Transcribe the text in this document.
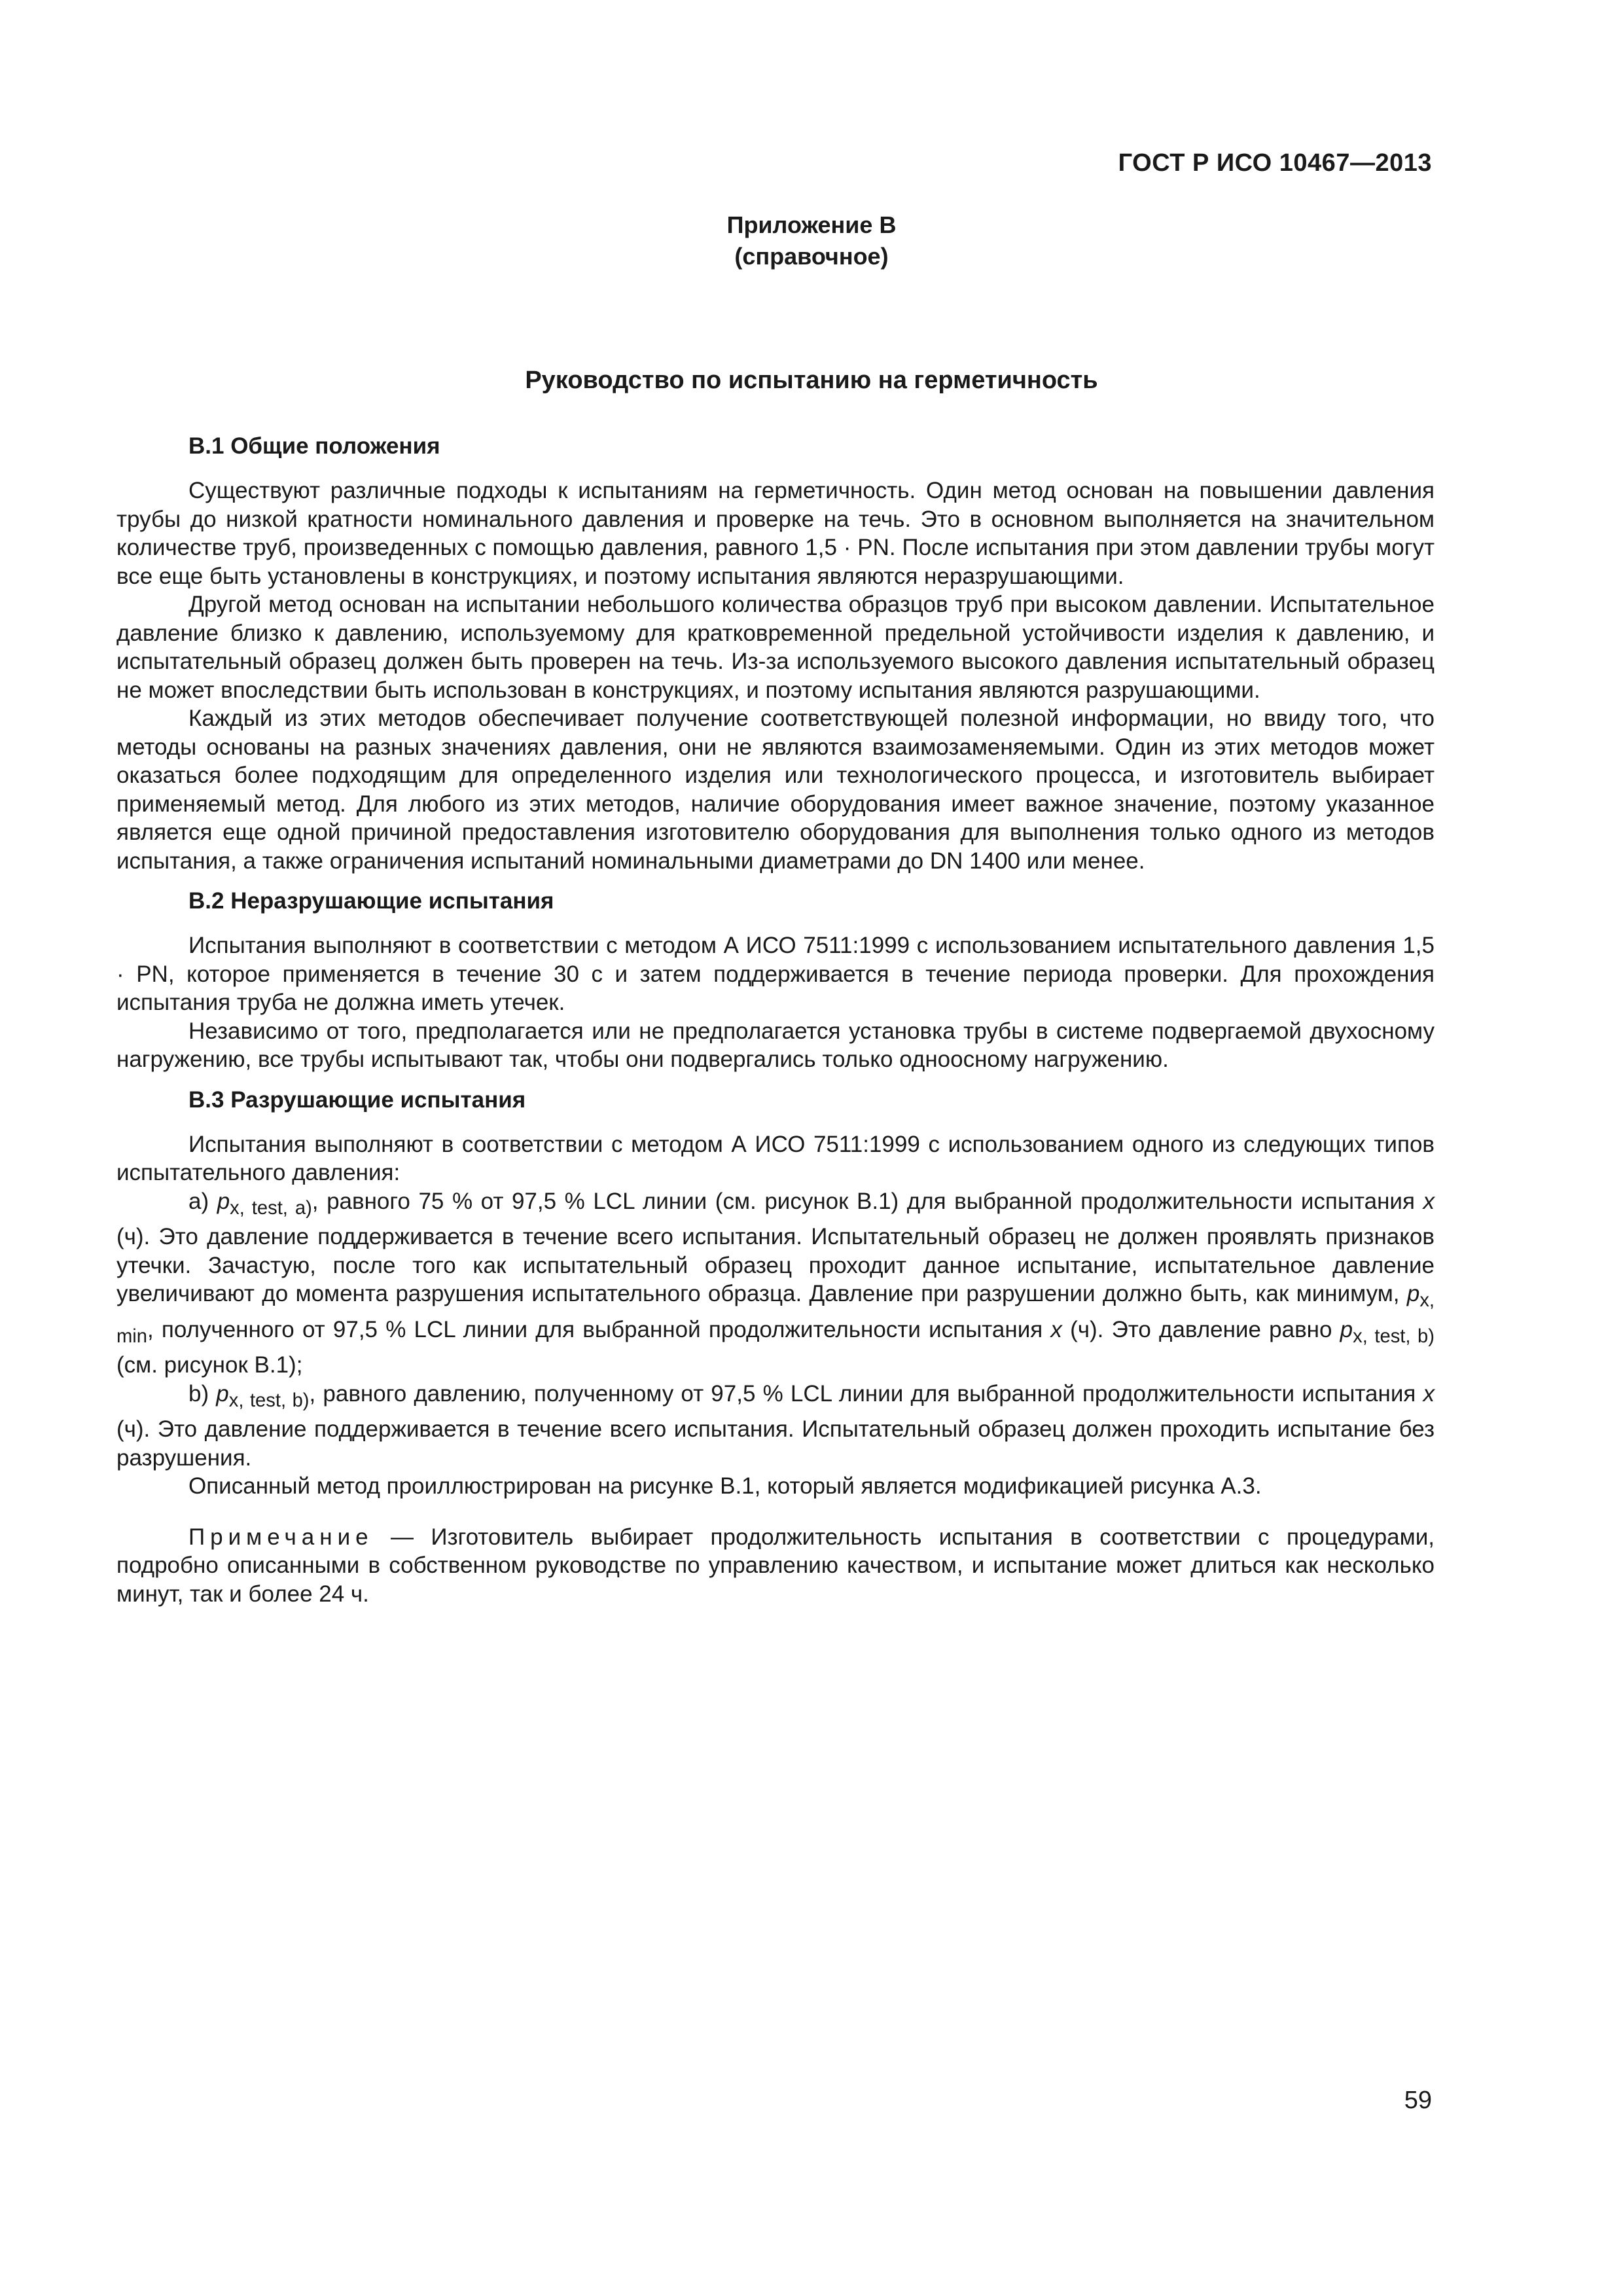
ГОСТ Р ИСО 10467—2013
Приложение В
(справочное)
Руководство по испытанию на герметичность
В.1 Общие положения

Существуют различные подходы к испытаниям на герметичность. Один метод основан на повышении давления трубы до низкой кратности номинального давления и проверке на течь. Это в основном выполняется на значительном количестве труб, произведенных с помощью давления, равного 1,5 · PN. После испытания при этом давлении трубы могут все еще быть установлены в конструкциях, и поэтому испытания являются неразрушающими.

Другой метод основан на испытании небольшого количества образцов труб при высоком давлении. Испытательное давление близко к давлению, используемому для кратковременной предельной устойчивости изделия к давлению, и испытательный образец должен быть проверен на течь. Из-за используемого высокого давления испытательный образец не может впоследствии быть использован в конструкциях, и поэтому испытания являются разрушающими.

Каждый из этих методов обеспечивает получение соответствующей полезной информации, но ввиду того, что методы основаны на разных значениях давления, они не являются взаимозаменяемыми. Один из этих методов может оказаться более подходящим для определенного изделия или технологического процесса, и изготовитель выбирает применяемый метод. Для любого из этих методов, наличие оборудования имеет важное значение, поэтому указанное является еще одной причиной предоставления изготовителю оборудования для выполнения только одного из методов испытания, а также ограничения испытаний номинальными диаметрами до DN 1400 или менее.

В.2 Неразрушающие испытания

Испытания выполняют в соответствии с методом А ИСО 7511:1999 с использованием испытательного давления 1,5 · PN, которое применяется в течение 30 с и затем поддерживается в течение периода проверки. Для прохождения испытания труба не должна иметь утечек.

Независимо от того, предполагается или не предполагается установка трубы в системе подвергаемой двухосному нагружению, все трубы испытывают так, чтобы они подвергались только одноосному нагружению.

В.3 Разрушающие испытания

Испытания выполняют в соответствии с методом А ИСО 7511:1999 с использованием одного из следующих типов испытательного давления:

a) $p_{x, test, a)}$, равного 75 % от 97,5 % LCL линии (см. рисунок В.1) для выбранной продолжительности испытания x (ч). Это давление поддерживается в течение всего испытания. Испытательный образец не должен проявлять признаков утечки. Зачастую, после того как испытательный образец проходит данное испытание, испытательное давление увеличивают до момента разрушения испытательного образца. Давление при разрушении должно быть, как минимум, $p_{x, min}$, полученного от 97,5 % LCL линии для выбранной продолжительности испытания x (ч). Это давление равно $p_{x, test, b)}(см$. рисунок В.1);

b) $p_{x, test, b)}$, равного давлению, полученному от 97,5 % LCL линии для выбранной продолжительности испытания x (ч). Это давление поддерживается в течение всего испытания. Испытательный образец должен проходить испытание без разрушения.

Описанный метод проиллюстрирован на рисунке В.1, который является модификацией рисунка А.3.

Примечание — Изготовитель выбирает продолжительность испытания в соответствии с процедурами, подробно описанными в собственном руководстве по управлению качеством, и испытание может длиться как несколько минут, так и более 24 ч.

59
